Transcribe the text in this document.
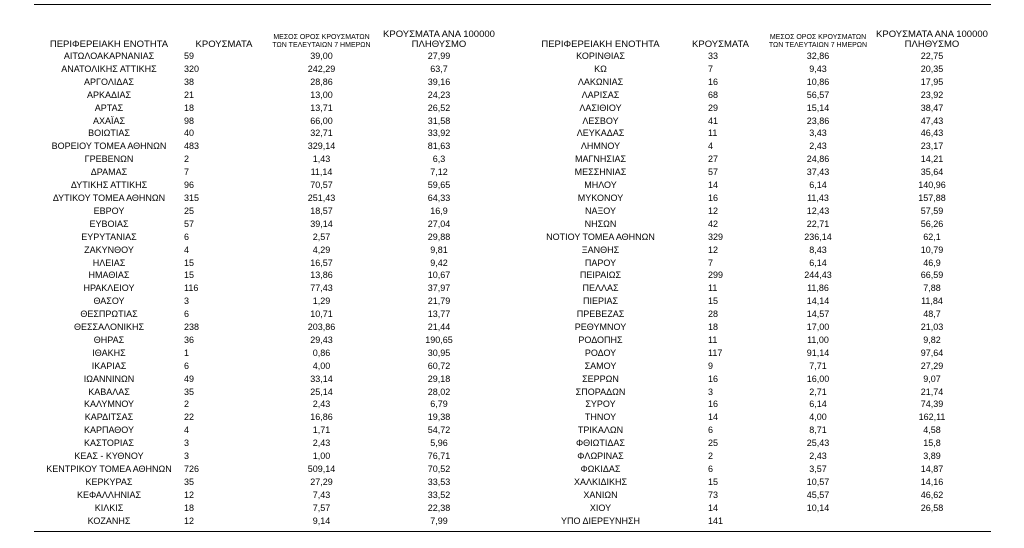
ΠΕΡΙΦΕΡΕΙΑΚΗ ΕΝΟΤΗΤΑ	ΚΡΟΥΣΜΑΤΑ	ΜΕΣΟΣ ΟΡΟΣ ΚΡΟΥΣΜΑΤΩΝ
ΤΩΝ ΤΕΛΕΥΤΑΙΩΝ 7 ΗΜΕΡΩΝ	ΚΡΟΥΣΜΑΤΑ ΑΝΑ 100000
ΠΛΗΘΥΣΜΟ
ΑΙΤΩΛΟΑΚΑΡΝΑΝΙΑΣ	59	39,00	27,99
ΑΝΑΤΟΛΙΚΗΣ ΑΤΤΙΚΗΣ	320	242,29	63,7
ΑΡΓΟΛΙΔΑΣ	38	28,86	39,16
ΑΡΚΑΔΙΑΣ	21	13,00	24,23
ΑΡΤΑΣ	18	13,71	26,52
ΑΧΑΪΑΣ	98	66,00	31,58
ΒΟΙΩΤΙΑΣ	40	32,71	33,92
ΒΟΡΕΙΟΥ ΤΟΜΕΑ ΑΘΗΝΩΝ	483	329,14	81,63
ΓΡΕΒΕΝΩΝ	2	1,43	6,3
ΔΡΑΜΑΣ	7	11,14	7,12
ΔΥΤΙΚΗΣ ΑΤΤΙΚΗΣ	96	70,57	59,65
ΔΥΤΙΚΟΥ ΤΟΜΕΑ ΑΘΗΝΩΝ	315	251,43	64,33
ΕΒΡΟΥ	25	18,57	16,9
ΕΥΒΟΙΑΣ	57	39,14	27,04
ΕΥΡΥΤΑΝΙΑΣ	6	2,57	29,88
ΖΑΚΥΝΘΟΥ	4	4,29	9,81
ΗΛΕΙΑΣ	15	16,57	9,42
ΗΜΑΘΙΑΣ	15	13,86	10,67
ΗΡΑΚΛΕΙΟΥ	116	77,43	37,97
ΘΑΣΟΥ	3	1,29	21,79
ΘΕΣΠΡΩΤΙΑΣ	6	10,71	13,77
ΘΕΣΣΑΛΟΝΙΚΗΣ	238	203,86	21,44
ΘΗΡΑΣ	36	29,43	190,65
ΙΘΑΚΗΣ	1	0,86	30,95
ΙΚΑΡΙΑΣ	6	4,00	60,72
ΙΩΑΝΝΙΝΩΝ	49	33,14	29,18
ΚΑΒΑΛΑΣ	35	25,14	28,02
ΚΑΛΥΜΝΟΥ	2	2,43	6,79
ΚΑΡΔΙΤΣΑΣ	22	16,86	19,38
ΚΑΡΠΑΘΟΥ	4	1,71	54,72
ΚΑΣΤΟΡΙΑΣ	3	2,43	5,96
ΚΕΑΣ - ΚΥΘΝΟΥ	3	1,00	76,71
ΚΕΝΤΡΙΚΟΥ ΤΟΜΕΑ ΑΘΗΝΩΝ	726	509,14	70,52
ΚΕΡΚΥΡΑΣ	35	27,29	33,53
ΚΕΦΑΛΛΗΝΙΑΣ	12	7,43	33,52
ΚΙΛΚΙΣ	18	7,57	22,38
ΚΟΖΑΝΗΣ	12	9,14	7,99
ΠΕΡΙΦΕΡΕΙΑΚΗ ΕΝΟΤΗΤΑ	ΚΡΟΥΣΜΑΤΑ	ΜΕΣΟΣ ΟΡΟΣ ΚΡΟΥΣΜΑΤΩΝ
ΤΩΝ ΤΕΛΕΥΤΑΙΩΝ 7 ΗΜΕΡΩΝ	ΚΡΟΥΣΜΑΤΑ ΑΝΑ 100000
ΠΛΗΘΥΣΜΟ
ΚΟΡΙΝΘΙΑΣ	33	32,86	22,75
ΚΩ	7	9,43	20,35
ΛΑΚΩΝΙΑΣ	16	10,86	17,95
ΛΑΡΙΣΑΣ	68	56,57	23,92
ΛΑΣΙΘΙΟΥ	29	15,14	38,47
ΛΕΣΒΟΥ	41	23,86	47,43
ΛΕΥΚΑΔΑΣ	11	3,43	46,43
ΛΗΜΝΟΥ	4	2,43	23,17
ΜΑΓΝΗΣΙΑΣ	27	24,86	14,21
ΜΕΣΣΗΝΙΑΣ	57	37,43	35,64
ΜΗΛΟΥ	14	6,14	140,96
ΜΥΚΟΝΟΥ	16	11,43	157,88
ΝΑΞΟΥ	12	12,43	57,59
ΝΗΣΩΝ	42	22,71	56,26
ΝΟΤΙΟΥ ΤΟΜΕΑ ΑΘΗΝΩΝ	329	236,14	62,1
ΞΑΝΘΗΣ	12	8,43	10,79
ΠΑΡΟΥ	7	6,14	46,9
ΠΕΙΡΑΙΩΣ	299	244,43	66,59
ΠΕΛΛΑΣ	11	11,86	7,88
ΠΙΕΡΙΑΣ	15	14,14	11,84
ΠΡΕΒΕΖΑΣ	28	14,57	48,7
ΡΕΘΥΜΝΟΥ	18	17,00	21,03
ΡΟΔΟΠΗΣ	11	11,00	9,82
ΡΟΔΟΥ	117	91,14	97,64
ΣΑΜΟΥ	9	7,71	27,29
ΣΕΡΡΩΝ	16	16,00	9,07
ΣΠΟΡΑΔΩΝ	3	2,71	21,74
ΣΥΡΟΥ	16	6,14	74,39
ΤΗΝΟΥ	14	4,00	162,11
ΤΡΙΚΑΛΩΝ	6	8,71	4,58
ΦΘΙΩΤΙΔΑΣ	25	25,43	15,8
ΦΛΩΡΙΝΑΣ	2	2,43	3,89
ΦΩΚΙΔΑΣ	6	3,57	14,87
ΧΑΛΚΙΔΙΚΗΣ	15	10,57	14,16
ΧΑΝΙΩΝ	73	45,57	46,62
ΧΙΟΥ	14	10,14	26,58
ΥΠΟ ΔΙΕΡΕΥΝΗΣΗ	141		
